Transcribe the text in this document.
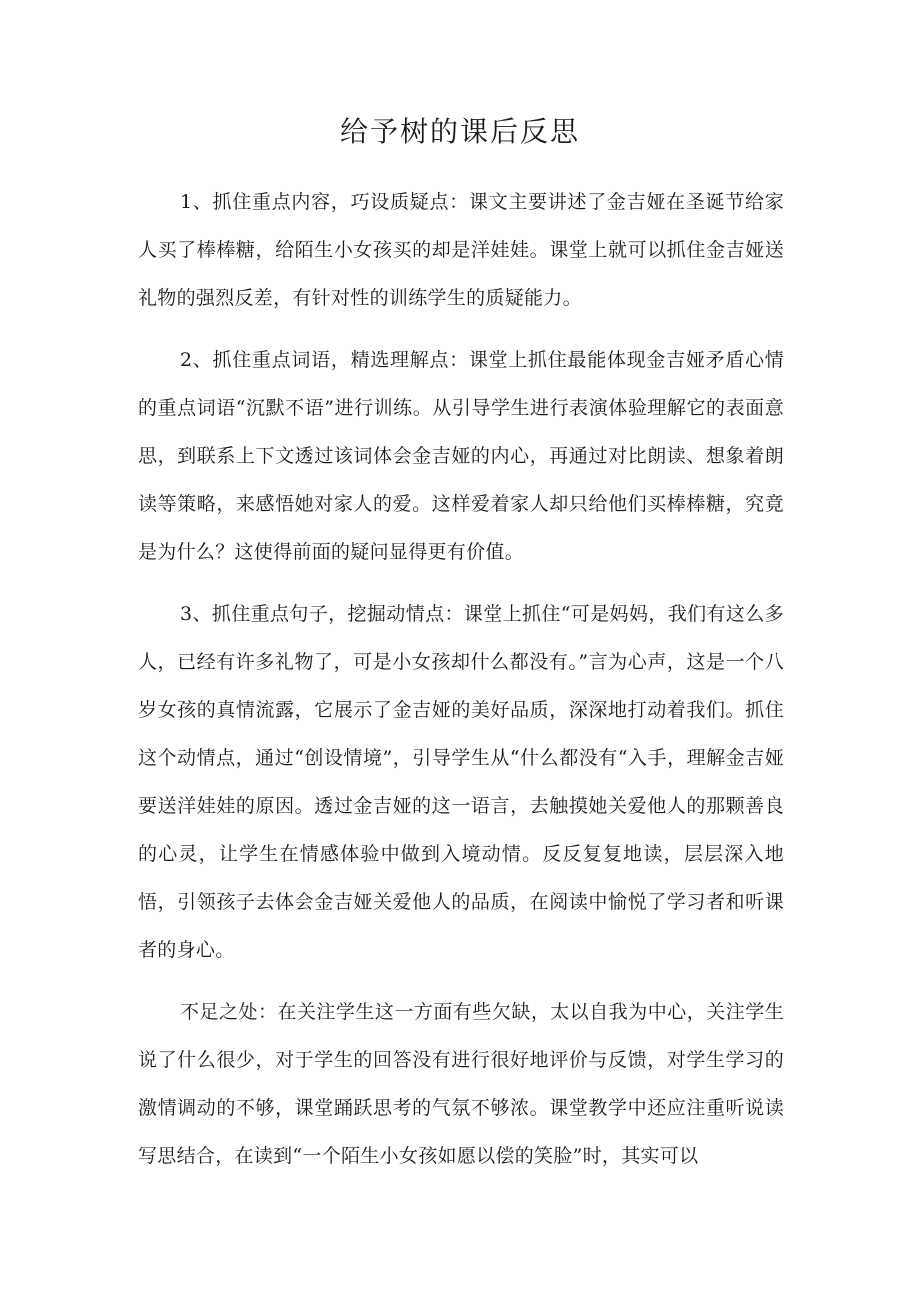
给予树的课后反思

1、抓住重点内容，巧设质疑点：课文主要讲述了金吉娅在圣诞节给家人买了棒棒糖，给陌生小女孩买的却是洋娃娃。课堂上就可以抓住金吉娅送礼物的强烈反差，有针对性的训练学生的质疑能力。

2、抓住重点词语，精选理解点：课堂上抓住最能体现金吉娅矛盾心情的重点词语“沉默不语”进行训练。从引导学生进行表演体验理解它的表面意思，到联系上下文透过该词体会金吉娅的内心，再通过对比朗读、想象着朗读等策略，来感悟她对家人的爱。这样爱着家人却只给他们买棒棒糖，究竟是为什么？这使得前面的疑问显得更有价值。

3、抓住重点句子，挖掘动情点：课堂上抓住“可是妈妈，我们有这么多人，已经有许多礼物了，可是小女孩却什么都没有。”言为心声，这是一个八岁女孩的真情流露，它展示了金吉娅的美好品质，深深地打动着我们。抓住这个动情点，通过“创设情境”，引导学生从“什么都没有“入手，理解金吉娅要送洋娃娃的原因。透过金吉娅的这一语言，去触摸她关爱他人的那颗善良的心灵，让学生在情感体验中做到入境动情。反反复复地读，层层深入地悟，引领孩子去体会金吉娅关爱他人的品质，在阅读中愉悦了学习者和听课者的身心。

不足之处：在关注学生这一方面有些欠缺，太以自我为中心，关注学生说了什么很少，对于学生的回答没有进行很好地评价与反馈，对学生学习的激情调动的不够，课堂踊跃思考的气氛不够浓。课堂教学中还应注重听说读写思结合，在读到“一个陌生小女孩如愿以偿的笑脸”时，其实可以
